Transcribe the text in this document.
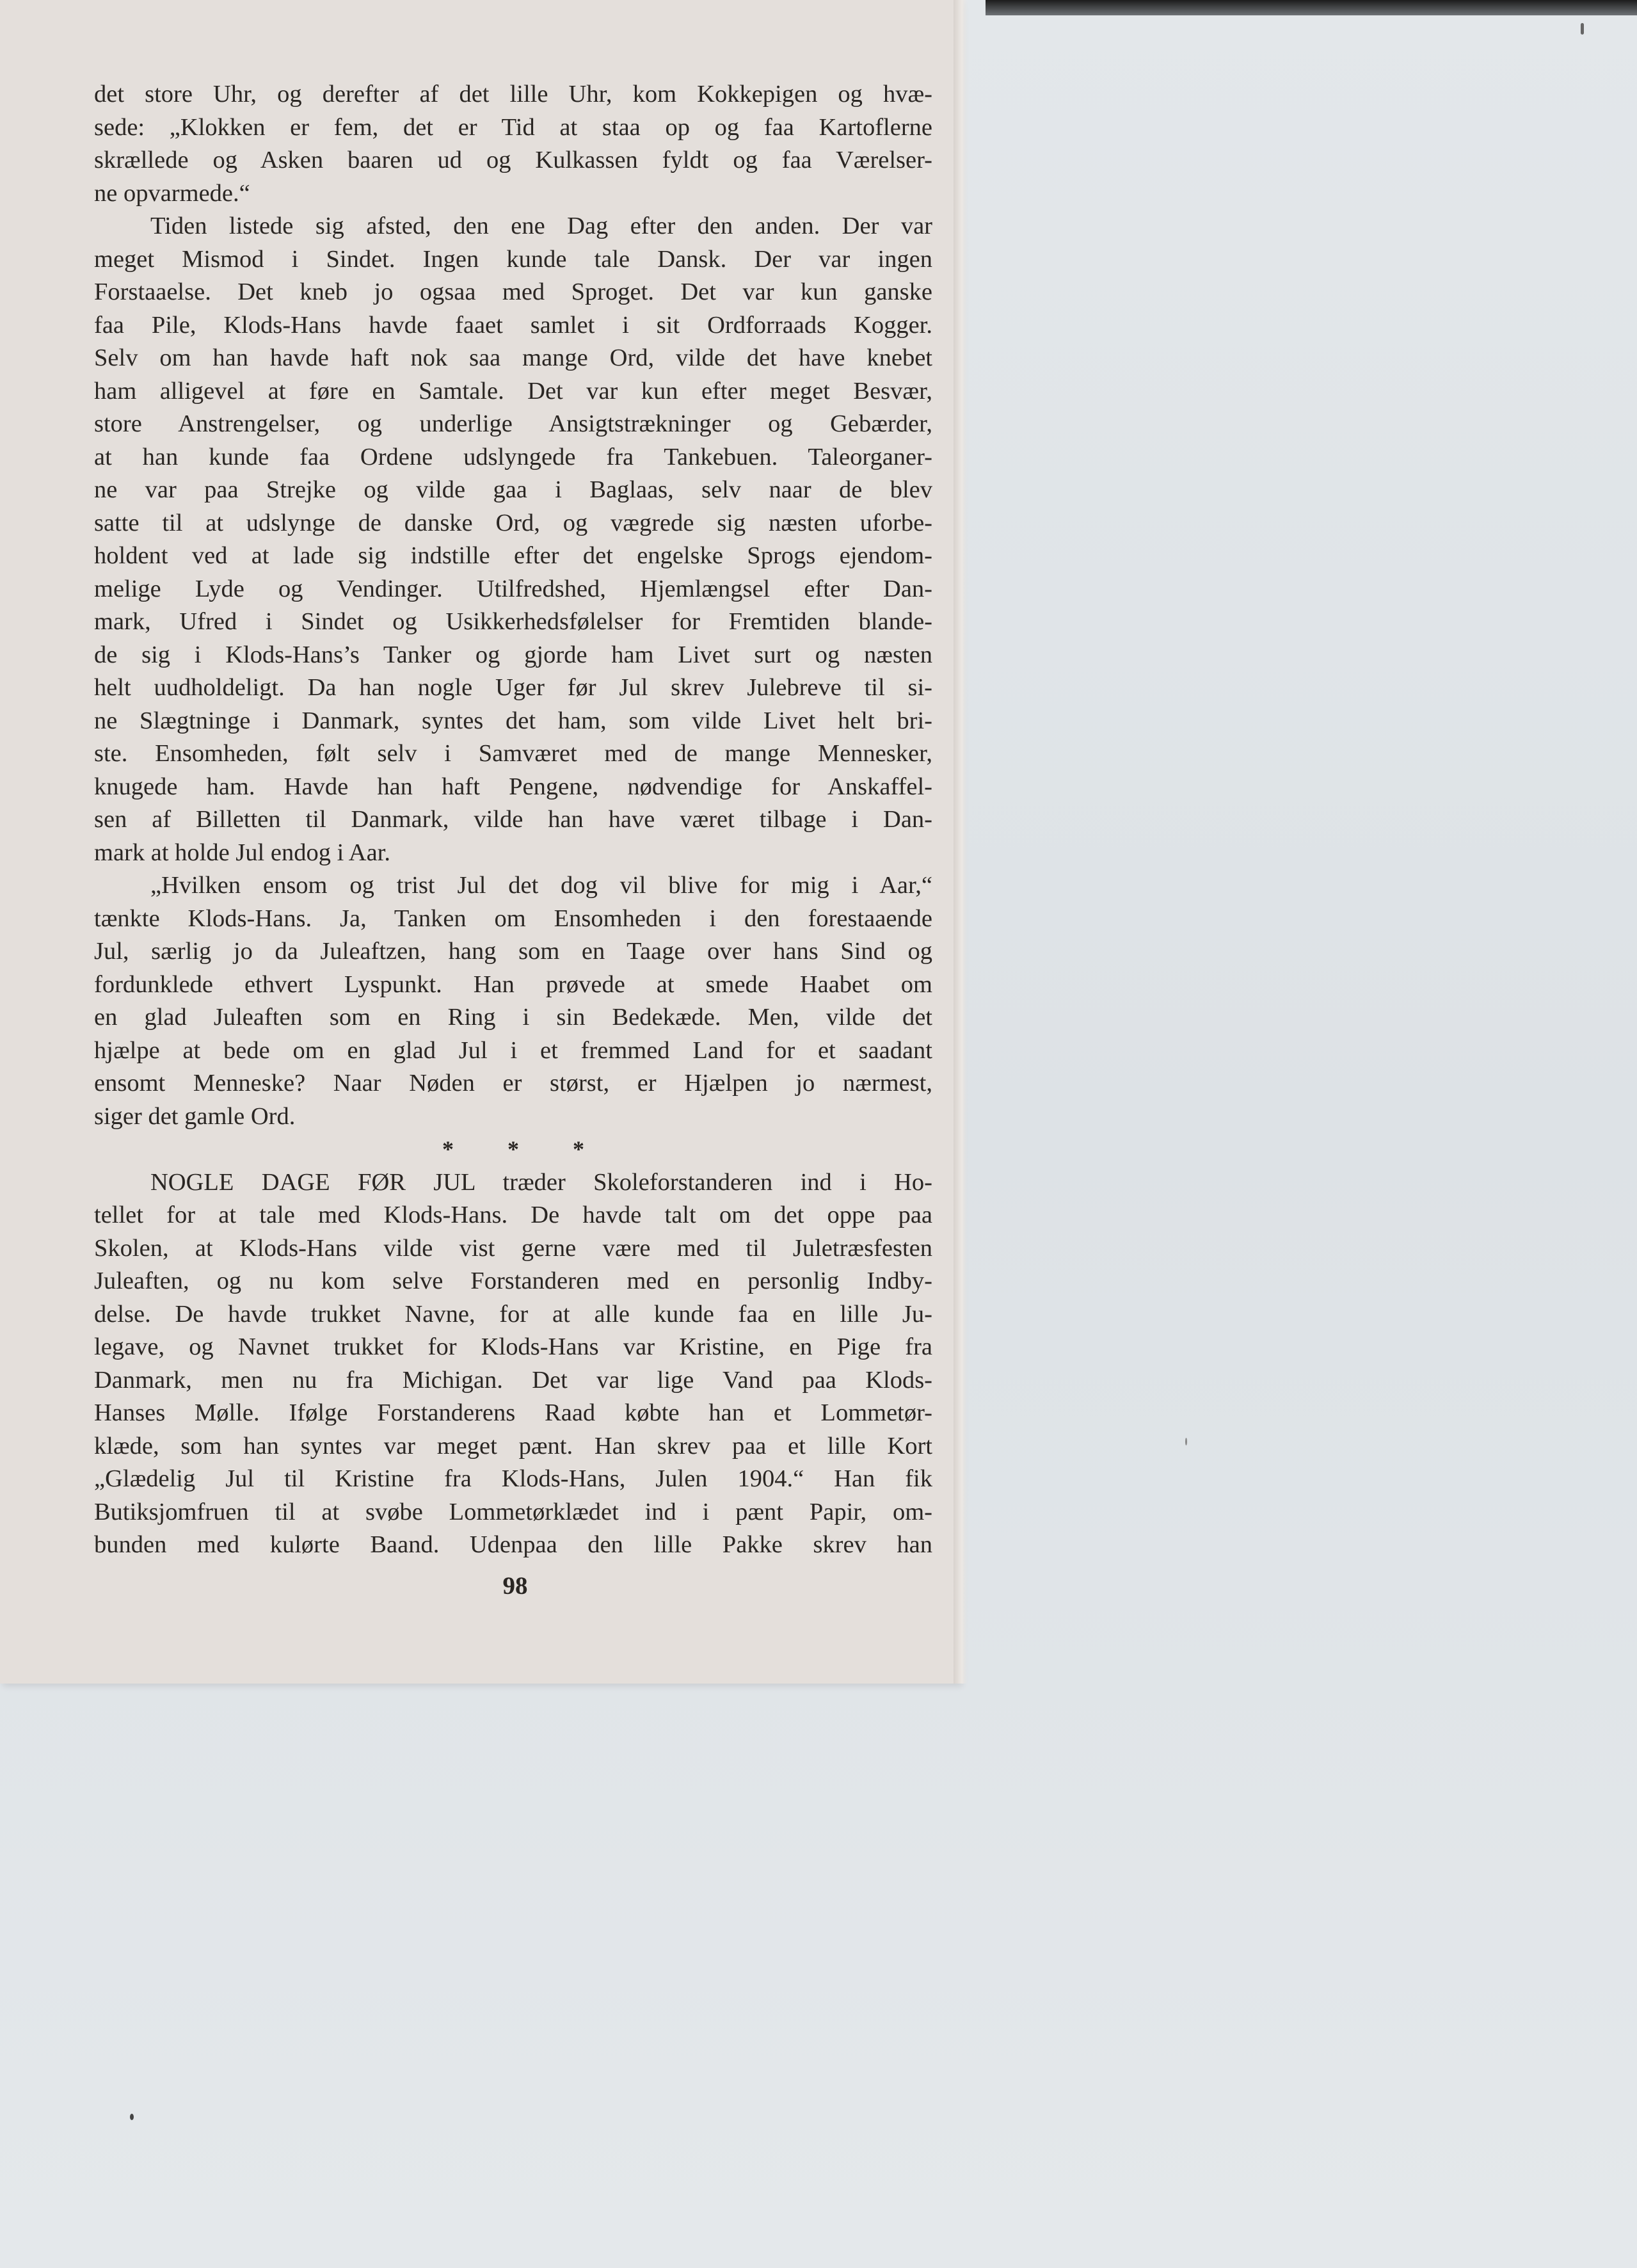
det store Uhr, og derefter af det lille Uhr, kom Kokkepigen og hvæ-
sede: „Klokken er fem, det er Tid at staa op og faa Kartoflerne
skrællede og Asken baaren ud og Kulkassen fyldt og faa Værelser-
ne opvarmede.“
Tiden listede sig afsted, den ene Dag efter den anden. Der var
meget Mismod i Sindet. Ingen kunde tale Dansk. Der var ingen
Forstaaelse. Det kneb jo ogsaa med Sproget. Det var kun ganske
faa Pile, Klods-Hans havde faaet samlet i sit Ordforraads Kogger.
Selv om han havde haft nok saa mange Ord, vilde det have knebet
ham alligevel at føre en Samtale. Det var kun efter meget Besvær,
store Anstrengelser, og underlige Ansigtstrækninger og Gebærder,
at han kunde faa Ordene udslyngede fra Tankebuen. Taleorganer-
ne var paa Strejke og vilde gaa i Baglaas, selv naar de blev
satte til at udslynge de danske Ord, og vægrede sig næsten uforbe-
holdent ved at lade sig indstille efter det engelske Sprogs ejendom-
melige Lyde og Vendinger. Utilfredshed, Hjemlængsel efter Dan-
mark, Ufred i Sindet og Usikkerhedsfølelser for Fremtiden blande-
de sig i Klods-Hans’s Tanker og gjorde ham Livet surt og næsten
helt uudholdeligt. Da han nogle Uger før Jul skrev Julebreve til si-
ne Slægtninge i Danmark, syntes det ham, som vilde Livet helt bri-
ste. Ensomheden, følt selv i Samværet med de mange Mennesker,
knugede ham. Havde han haft Pengene, nødvendige for Anskaffel-
sen af Billetten til Danmark, vilde han have været tilbage i Dan-
mark at holde Jul endog i Aar.
„Hvilken ensom og trist Jul det dog vil blive for mig i Aar,“
tænkte Klods-Hans. Ja, Tanken om Ensomheden i den forestaaende
Jul, særlig jo da Juleaftzen, hang som en Taage over hans Sind og
fordunklede ethvert Lyspunkt. Han prøvede at smede Haabet om
en glad Juleaften som en Ring i sin Bedekæde. Men, vilde det
hjælpe at bede om en glad Jul i et fremmed Land for et saadant
ensomt Menneske? Naar Nøden er størst, er Hjælpen jo nærmest,
siger det gamle Ord.
* * *
NOGLE DAGE FØR JUL træder Skoleforstanderen ind i Ho-
tellet for at tale med Klods-Hans. De havde talt om det oppe paa
Skolen, at Klods-Hans vilde vist gerne være med til Juletræsfesten
Juleaften, og nu kom selve Forstanderen med en personlig Indby-
delse. De havde trukket Navne, for at alle kunde faa en lille Ju-
legave, og Navnet trukket for Klods-Hans var Kristine, en Pige fra
Danmark, men nu fra Michigan. Det var lige Vand paa Klods-
Hanses Mølle. Ifølge Forstanderens Raad købte han et Lommetør-
klæde, som han syntes var meget pænt. Han skrev paa et lille Kort
„Glædelig Jul til Kristine fra Klods-Hans, Julen 1904.“ Han fik
Butiksjomfruen til at svøbe Lommetørklædet ind i pænt Papir, om-
bunden med kulørte Baand. Udenpaa den lille Pakke skrev han
98
